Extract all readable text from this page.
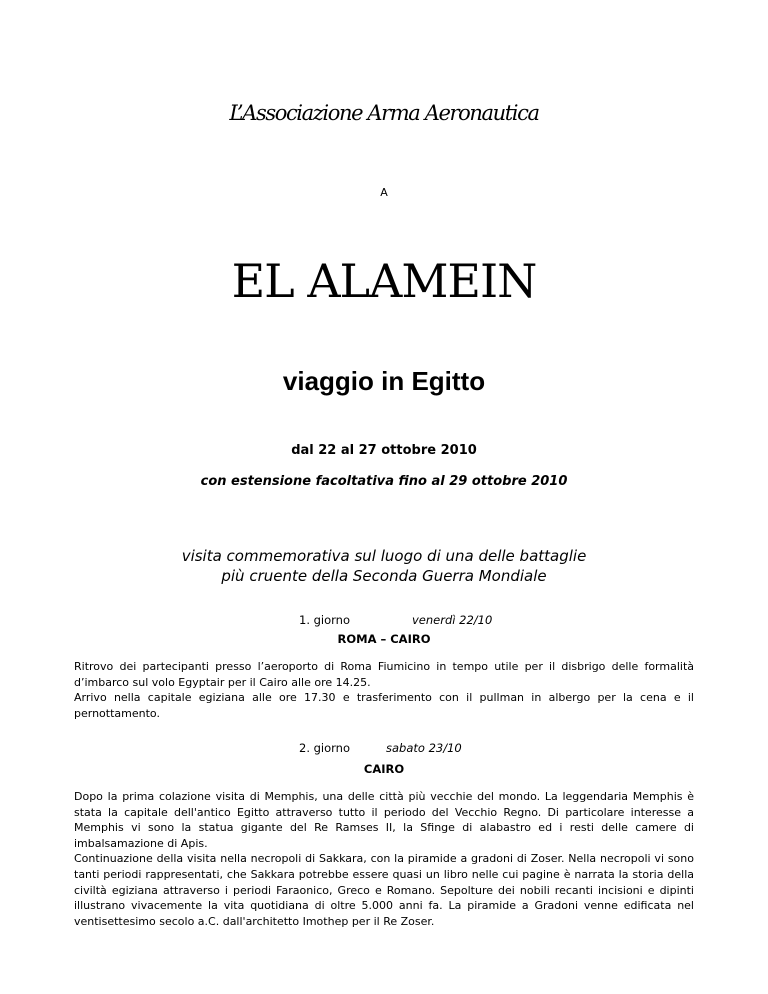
L’Associazione Arma Aeronautica
A
EL ALAMEIN
viaggio in Egitto
dal 22 al 27 ottobre 2010
con estensione facoltativa fino al 29 ottobre 2010
visita commemorativa sul luogo di una delle battaglie
più cruente della Seconda Guerra Mondiale
1. giorno	venerdì 22/10
ROMA – CAIRO

Ritrovo dei partecipanti presso l’aeroporto di Roma Fiumicino in tempo utile per il disbrigo delle formalità d’imbarco sul volo Egyptair per il Cairo alle ore 14.25.

Arrivo nella capitale egiziana alle ore 17.30 e trasferimento con il pullman in albergo per la cena e il pernottamento.

2. giorno	sabato 23/10
CAIRO

Dopo la prima colazione visita di Memphis, una delle città più vecchie del mondo. La leggendaria Memphis è stata la capitale dell'antico Egitto attraverso tutto il periodo del Vecchio Regno. Di particolare interesse a Memphis vi sono la statua gigante del Re Ramses II, la Sfinge di alabastro ed i resti delle camere di imbalsamazione di Apis.

Continuazione della visita nella necropoli di Sakkara, con la piramide a gradoni di Zoser. Nella necropoli vi sono tanti periodi rappresentati, che Sakkara potrebbe essere quasi un libro nelle cui pagine è narrata la storia della civiltà egiziana attraverso i periodi Faraonico, Greco e Romano. Sepolture dei nobili recanti incisioni e dipinti illustrano vivacemente la vita quotidiana di oltre 5.000 anni fa. La piramide a Gradoni venne edificata nel ventisettesimo secolo a.C. dall'architetto Imothep per il Re Zoser.
